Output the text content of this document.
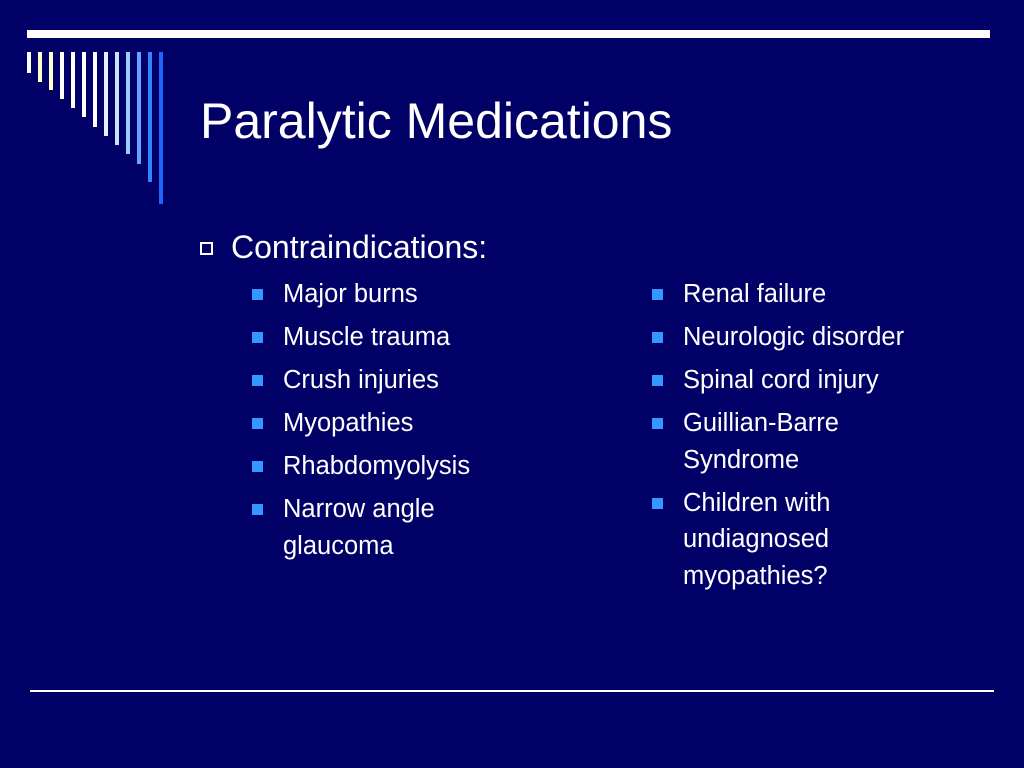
Paralytic Medications
Contraindications:
Major burns
Muscle trauma
Crush injuries
Myopathies
Rhabdomyolysis
Narrow angle glaucoma
Renal failure
Neurologic disorder
Spinal cord injury
Guillian-Barre Syndrome
Children with undiagnosed myopathies?
